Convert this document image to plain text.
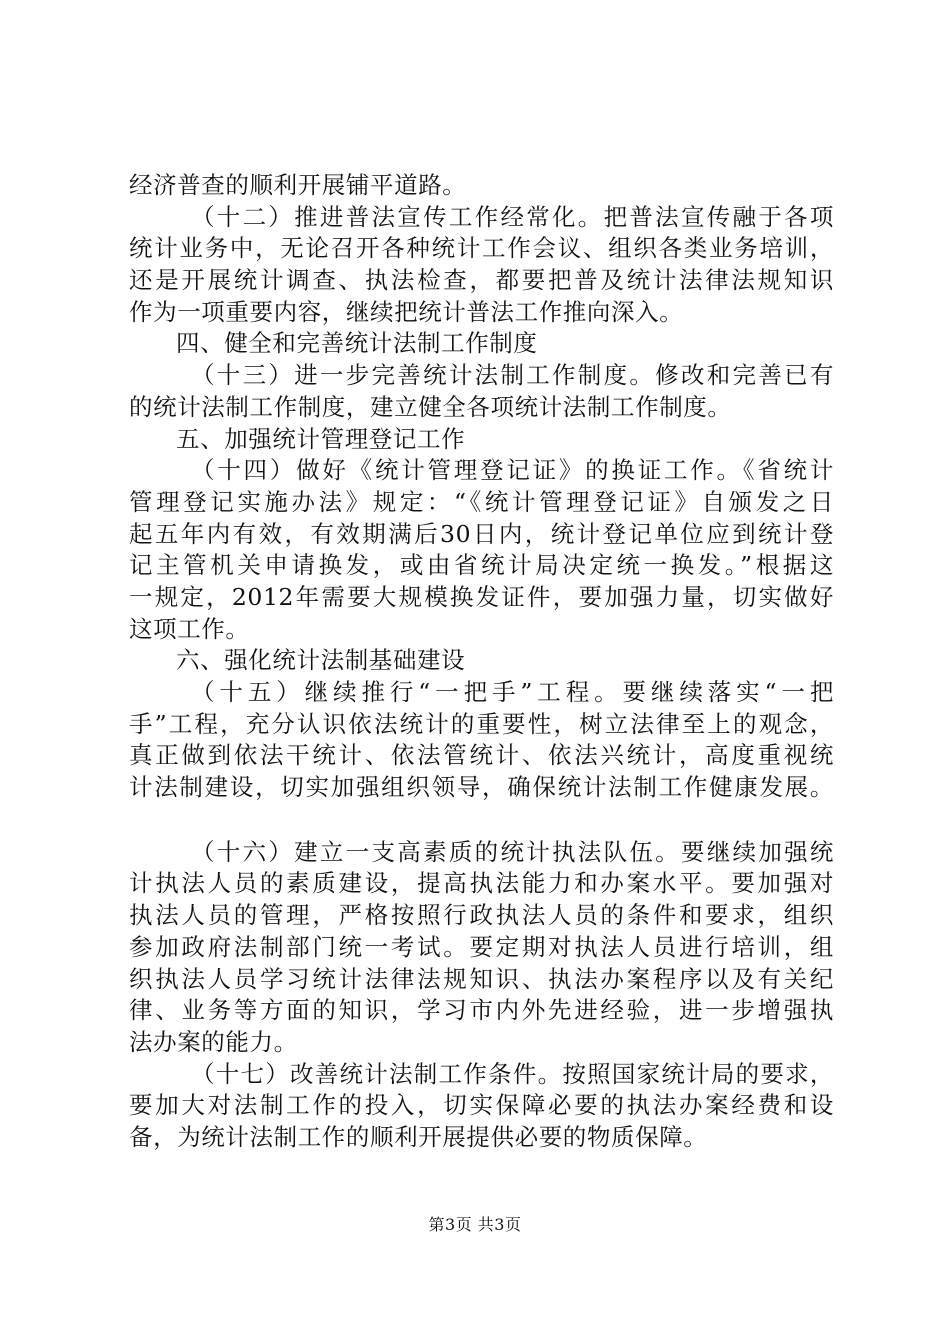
经济普查的顺利开展铺平道路。
（十二）推进普法宣传工作经常化。把普法宣传融于各项
统计业务中，无论召开各种统计工作会议、组织各类业务培训，
还是开展统计调查、执法检查，都要把普及统计法律法规知识
作为一项重要内容，继续把统计普法工作推向深入。
四、健全和完善统计法制工作制度
（十三）进一步完善统计法制工作制度。修改和完善已有
的统计法制工作制度，建立健全各项统计法制工作制度。
五、加强统计管理登记工作
（十四）做好《统计管理登记证》的换证工作。《省统计
管理登记实施办法》规定：“《统计管理登记证》自颁发之日
起五年内有效，有效期满后30日内，统计登记单位应到统计登
记主管机关申请换发，或由省统计局决定统一换发。”根据这
一规定，2012年需要大规模换发证件，要加强力量，切实做好
这项工作。
六、强化统计法制基础建设
（十五）继续推行“一把手”工程。要继续落实“一把
手”工程，充分认识依法统计的重要性，树立法律至上的观念，
真正做到依法干统计、依法管统计、依法兴统计，高度重视统
计法制建设，切实加强组织领导，确保统计法制工作健康发展。
（十六）建立一支高素质的统计执法队伍。要继续加强统
计执法人员的素质建设，提高执法能力和办案水平。要加强对
执法人员的管理，严格按照行政执法人员的条件和要求，组织
参加政府法制部门统一考试。要定期对执法人员进行培训，组
织执法人员学习统计法律法规知识、执法办案程序以及有关纪
律、业务等方面的知识，学习市内外先进经验，进一步增强执
法办案的能力。
（十七）改善统计法制工作条件。按照国家统计局的要求，
要加大对法制工作的投入，切实保障必要的执法办案经费和设
备，为统计法制工作的顺利开展提供必要的物质保障。
第3页 共3页
